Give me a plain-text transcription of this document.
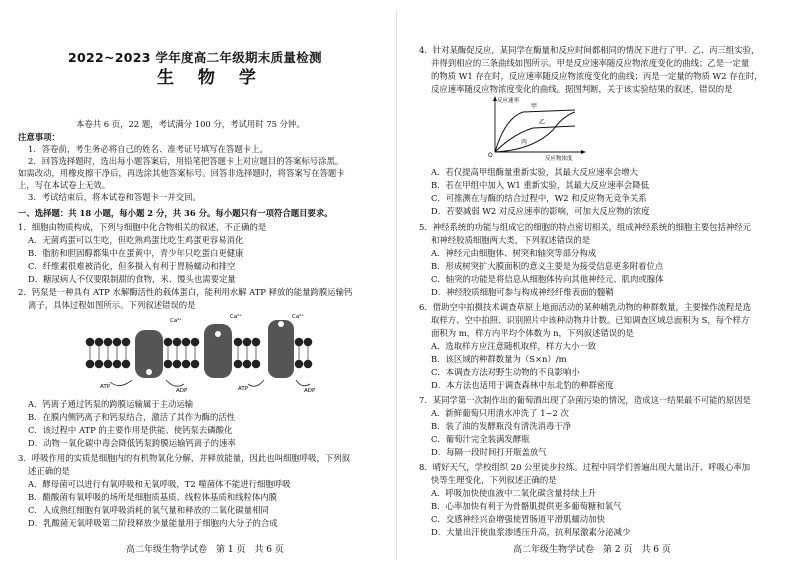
2022~2023 学年度高二年级期末质量检测
生 物 学
本卷共 6 页，22 题，考试满分 100 分，考试用时 75 分钟。
注意事项：
1．答卷前，考生务必将自己的姓名、准考证号填写在答题卡上。
2．回答选择题时，选出每小题答案后，用铅笔把答题卡上对应题目的答案标号涂黑。
如需改动，用橡皮擦干净后，再选涂其他答案标号。回答非选择题时，将答案写在答题卡
上，写在本试卷上无效。
3．考试结束后，将本试卷和答题卡一并交回。
一、选择题：共 18 小题，每小题 2 分，共 36 分。每小题只有一项符合题目要求。
1．细胞由物质构成，下列与细胞中化合物相关的叙述，不正确的是
A．无菌鸡蛋可以生吃，但吃熟鸡蛋比吃生鸡蛋更容易消化
B．脂肪和胆固醇都集中在蛋黄中，青少年只吃蛋白更健康
C．纤维素很难被消化，但多摄入有利于胃肠蠕动和排空
D．糖尿病人不仅要限制甜的食物，米、馒头也需要定量
2．钙泵是一种具有 ATP 水解酶活性的载体蛋白，能利用水解 ATP 释放的能量跨膜运输钙
离子，具体过程如图所示。下列叙述错误的是
Ca²⁺
Ca²⁺	Ca²⁺
ATP
ADP	ATP	ADP
A．钙离子通过钙泵的跨膜运输属于主动运输
B．在膜内侧钙离子和钙泵结合，激活了其作为酶的活性
C．该过程中 ATP 的主要作用是供能、使钙泵去磷酸化
D．动物一氧化碳中毒会降低钙泵跨膜运输钙离子的速率
3．呼吸作用的实质是细胞内的有机物氧化分解，并释放能量，因此也叫细胞呼吸，下列叙
述正确的是
A．酵母菌可以进行有氧呼吸和无氧呼吸，T2 噬菌体不能进行细胞呼吸
B．醋酸菌有氧呼吸的场所是细胞质基质、线粒体基质和线粒体内膜
C．人成熟红细胞有氧呼吸消耗的氧气量和释放的二氧化碳量相同
D．乳酸菌无氧呼吸第二阶段释放少量能量用于细胞内大分子的合成
高二年级生物学试卷　第 1 页　共 6 页
4．针对某酶促反应，某同学在酶量和反应时间都相同的情况下进行了甲、乙、丙三组实验，
并得到相应的三条曲线如图所示。甲是反应速率随反应物浓度变化的曲线；乙是一定量
的物质 W1 存在时，反应速率随反应物浓度变化的曲线；丙是一定量的物质 W2 存在时，
反应速率随反应物浓度变化的曲线。据图判断，关于该实验结果的叙述，错误的是
反应速率
反应物浓度
O
甲
乙
丙
A．若仅提高甲组酶量重新实验，其最大反应速率会增大
B．若在甲组中加入 W1 重新实验，其最大反应速率会降低
C．可推测在与酶的结合过程中，W2 和反应物无竞争关系
D．若要减弱 W2 对反应速率的影响，可加大反应物的浓度
5．神经系统的功能与组成它的细胞的特点密切相关，组成神经系统的细胞主要包括神经元
和神经胶质细胞两大类，下列叙述错误的是
A．神经元由细胞体、树突和轴突等部分构成
B．形成树突扩大膜面积的意义主要是为接受信息更多附着位点
C．轴突的功能是将信息从细胞体传向其他神经元、肌肉或腺体
D．神经胶质细胞可参与构成神经纤维表面的髓鞘
6．借助空中拍摄技术调查草原上地面活动的某种哺乳动物的种群数量，主要操作流程是选
取样方、空中拍照、识别照片中该种动物并计数。已知调查区域总面积为 S，每个样方
面积为 m，样方内平均个体数为 n，下列叙述错误的是
A．选取样方应注意随机取样，样方大小一致
B．该区域的种群数量为（S×n）/m
C．本调查方法对野生动物的不良影响小
D．本方法也适用于调查森林中东北豹的种群密度
7．某同学第一次制作出的葡萄酒出现了杂菌污染的情况，造成这一结果最不可能的原因是
A．新鲜葡萄只用清水冲洗了 1~2 次
B．装了油的发酵瓶没有清洗消毒干净
C．葡萄汁完全装满发酵瓶
D．每隔一段时间打开瓶盖放气
8．晴好天气，学校组织 20 公里徒步拉练。过程中同学们普遍出现大量出汗、呼吸心率加
快等生理变化，下列叙述正确的是
A．呼吸加快使血液中二氧化碳含量持续上升
B．心率加快有利于为骨骼肌提供更多葡萄糖和氧气
C．交感神经兴奋增强使胃肠道平滑肌蠕动加快
D．大量出汗使血浆渗透压升高，抗利尿激素分泌减少
高二年级生物学试卷　第 2 页　共 6 页
